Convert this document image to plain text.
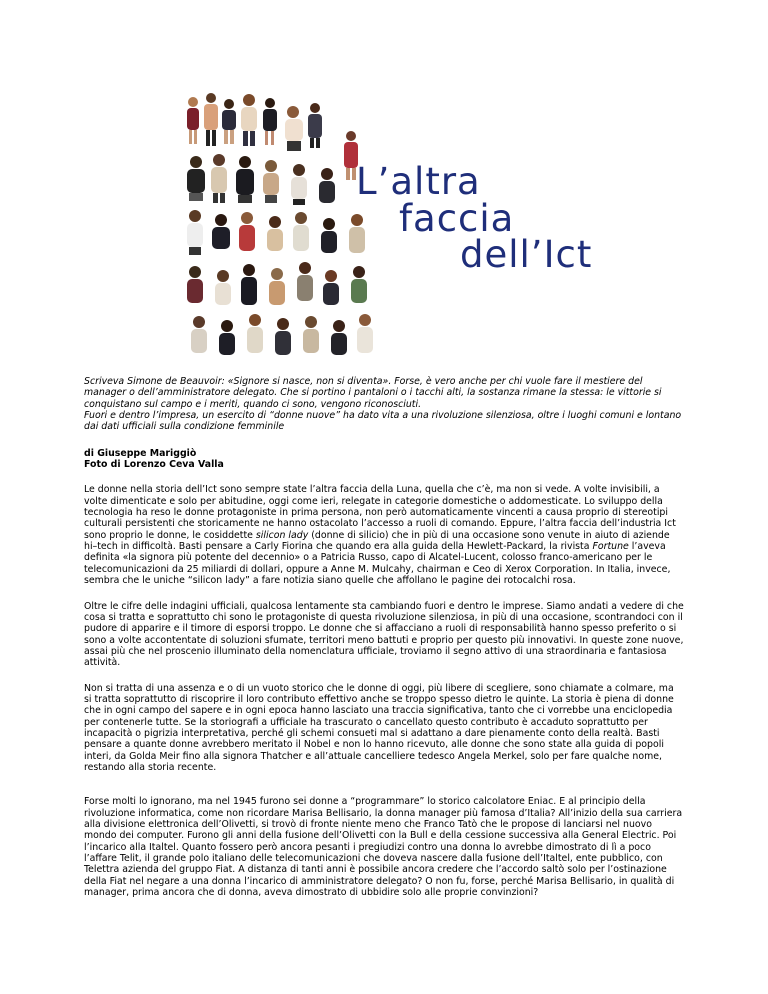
L’altra
faccia
dell’Ict

Scriveva Simone de Beauvoir: «Signore si nasce, non si diventa». Forse, è vero anche per chi vuole fare il mestiere del manager o dell’amministratore delegato. Che si portino i pantaloni o i tacchi alti, la sostanza rimane la stessa: le vittorie si conquistano sul campo e i meriti, quando ci sono, vengono riconosciuti.

Fuori e dentro l’impresa, un esercito di “donne nuove” ha dato vita a una rivoluzione silenziosa, oltre i luoghi comuni e lontano dai dati ufficiali sulla condizione femminile

di Giuseppe Mariggiò

Foto di Lorenzo Ceva Valla

Le donne nella storia dell’Ict sono sempre state l’altra faccia della Luna, quella che c’è, ma non si vede. A volte invisibili, a volte dimenticate e solo per abitudine, oggi come ieri, relegate in categorie domestiche o addomesticate. Lo sviluppo della tecnologia ha reso le donne protagoniste in prima persona, non però automaticamente vincenti a causa proprio di stereotipi culturali persistenti che storicamente ne hanno ostacolato l’accesso a ruoli di comando. Eppure, l’altra faccia dell’industria Ict sono proprio le donne, le cosiddette silicon lady (donne di silicio) che in più di una occasione sono venute in aiuto di aziende hi–tech in difficoltà. Basti pensare a Carly Fiorina che quando era alla guida della Hewlett-Packard, la rivista Fortune l’aveva definita «la signora più potente del decennio» o a Patricia Russo, capo di Alcatel-Lucent, colosso franco-americano per le telecomunicazioni da 25 miliardi di dollari, oppure a Anne M. Mulcahy, chairman e Ceo di Xerox Corporation. In Italia, invece, sembra che le uniche “silicon lady” a fare notizia siano quelle che affollano le pagine dei rotocalchi rosa.

Oltre le cifre delle indagini ufficiali, qualcosa lentamente sta cambiando fuori e dentro le imprese. Siamo andati a vedere di che cosa si tratta e soprattutto chi sono le protagoniste di questa rivoluzione silenziosa, in più di una occasione, scontrandoci con il pudore di apparire e il timore di esporsi troppo. Le donne che si affacciano a ruoli di responsabilità hanno spesso preferito o si sono a volte accontentate di soluzioni sfumate, territori meno battuti e proprio per questo più innovativi. In queste zone nuove, assai più che nel proscenio illuminato della nomenclatura ufficiale, troviamo il segno attivo di una straordinaria e fantasiosa attività.

Non si tratta di una assenza e o di un vuoto storico che le donne di oggi, più libere di scegliere, sono chiamate a colmare, ma si tratta soprattutto di riscoprire il loro contributo effettivo anche se troppo spesso dietro le quinte. La storia è piena di donne che in ogni campo del sapere e in ogni epoca hanno lasciato una traccia significativa, tanto che ci vorrebbe una enciclopedia per contenerle tutte. Se la storiografi a ufficiale ha trascurato o cancellato questo contributo è accaduto soprattutto per incapacità o pigrizia interpretativa, perché gli schemi consueti mal si adattano a dare pienamente conto della realtà. Basti pensare a quante donne avrebbero meritato il Nobel e non lo hanno ricevuto, alle donne che sono state alla guida di popoli interi, da Golda Meir fino alla signora Thatcher e all’attuale cancelliere tedesco Angela Merkel, solo per fare qualche nome, restando alla storia recente.

Forse molti lo ignorano, ma nel 1945 furono sei donne a “programmare” lo storico calcolatore Eniac. E al principio della rivoluzione informatica, come non ricordare Marisa Bellisario, la donna manager più famosa d’Italia? All’inizio della sua carriera alla divisione elettronica dell’Olivetti, si trovò di fronte niente meno che Franco Tatò che le propose di lanciarsi nel nuovo mondo dei computer. Furono gli anni della fusione dell’Olivetti con la Bull e della cessione successiva alla General Electric. Poi l’incarico alla Italtel. Quanto fossero però ancora pesanti i pregiudizi contro una donna lo avrebbe dimostrato di lì a poco l’affare Telit, il grande polo italiano delle telecomunicazioni che doveva nascere dalla fusione dell’Italtel, ente pubblico, con Telettra azienda del gruppo Fiat. A distanza di tanti anni è possibile ancora credere che l’accordo saltò solo per l’ostinazione della Fiat nel negare a una donna l’incarico di amministratore delegato? O non fu, forse, perché Marisa Bellisario, in qualità di manager, prima ancora che di donna, aveva dimostrato di ubbidire solo alle proprie convinzioni?
